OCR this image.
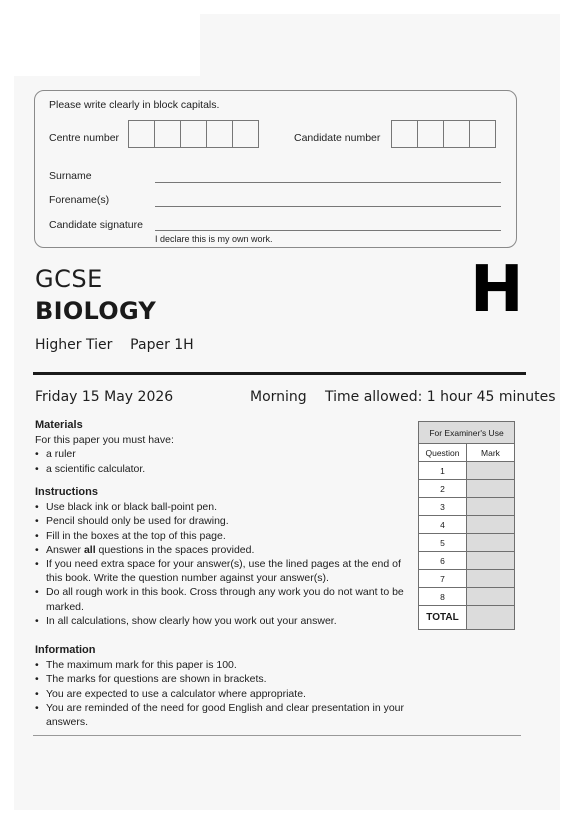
Please write clearly in block capitals.
Centre number	Candidate number
Surname
Forename(s)
Candidate signature
I declare this is my own work.
GCSE
BIOLOGY
Higher Tier    Paper 1H
H
Friday 15 May 2026	Morning Time allowed: 1 hour 45 minutes
Materials
For this paper you must have:
• a ruler
• a scientific calculator.
Instructions
• Use black ink or black ball-point pen.
• Pencil should only be used for drawing.
• Fill in the boxes at the top of this page.
• Answer all questions in the spaces provided.
• If you need extra space for your answer(s), use the lined pages at the end of this book. Write the question number against your answer(s).
• Do all rough work in this book. Cross through any work you do not want to be marked.
• In all calculations, show clearly how you work out your answer.
Information
• The maximum mark for this paper is 100.
• The marks for questions are shown in brackets.
• You are expected to use a calculator where appropriate.
• You are reminded of the need for good English and clear presentation in your answers.
For Examiner's Use
Question	Mark
1
2
3
4
5
6
7
8
TOTAL
